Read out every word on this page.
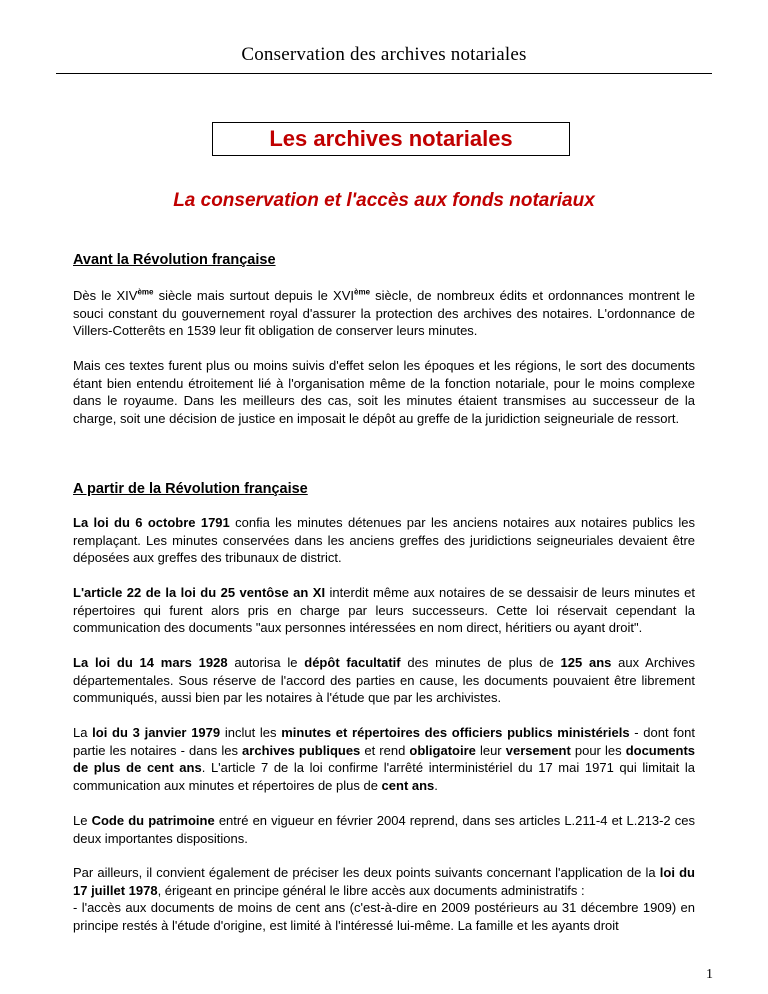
Conservation des archives notariales
Les archives notariales
La conservation et l'accès aux fonds notariaux
Avant la Révolution française

Dès le XIVème siècle mais surtout depuis le XVIème siècle, de nombreux édits et ordonnances montrent le souci constant du gouvernement royal d'assurer la protection des archives des notaires. L'ordonnance de Villers-Cotterêts en 1539 leur fit obligation de conserver leurs minutes.

Mais ces textes furent plus ou moins suivis d'effet selon les époques et les régions, le sort des documents étant bien entendu étroitement lié à l'organisation même de la fonction notariale, pour le moins complexe dans le royaume. Dans les meilleurs des cas, soit les minutes étaient transmises au successeur de la charge, soit une décision de justice en imposait le dépôt au greffe de la juridiction seigneuriale de ressort.

A partir de la Révolution française

La loi du 6 octobre 1791 confia les minutes détenues par les anciens notaires aux notaires publics les remplaçant. Les minutes conservées dans les anciens greffes des juridictions seigneuriales devaient être déposées aux greffes des tribunaux de district.

L'article 22 de la loi du 25 ventôse an XI interdit même aux notaires de se dessaisir de leurs minutes et répertoires qui furent alors pris en charge par leurs successeurs. Cette loi réservait cependant la communication des documents "aux personnes intéressées en nom direct, héritiers ou ayant droit".

La loi du 14 mars 1928 autorisa le dépôt facultatif des minutes de plus de 125 ans aux Archives départementales. Sous réserve de l'accord des parties en cause, les documents pouvaient être librement communiqués, aussi bien par les notaires à l'étude que par les archivistes.

La loi du 3 janvier 1979 inclut les minutes et répertoires des officiers publics ministériels - dont font partie les notaires - dans les archives publiques et rend obligatoire leur versement pour les documents de plus de cent ans. L'article 7 de la loi confirme l'arrêté interministériel du 17 mai 1971 qui limitait la communication aux minutes et répertoires de plus de cent ans.

Le Code du patrimoine entré en vigueur en février 2004 reprend, dans ses articles L.211-4 et L.213-2 ces deux importantes dispositions.

Par ailleurs, il convient également de préciser les deux points suivants concernant l'application de la loi du 17 juillet 1978, érigeant en principe général le libre accès aux documents administratifs :
- l'accès aux documents de moins de cent ans (c'est-à-dire en 2009 postérieurs au 31 décembre 1909) en principe restés à l'étude d'origine, est limité à l'intéressé lui-même. La famille et les ayants droit

1
